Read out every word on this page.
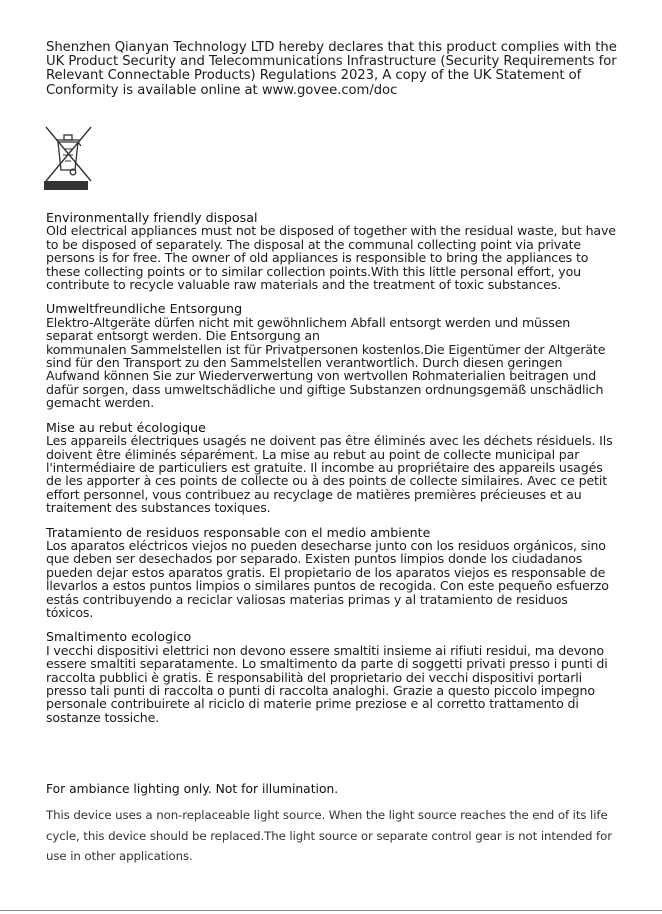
Shenzhen Qianyan Technology LTD hereby declares that this product complies with the UK Product Security and Telecommunications Infrastructure (Security Requirements for Relevant Connectable Products) Regulations 2023, A copy of the UK Statement of Conformity is available online at www.govee.com/doc

Environmentally friendly disposal

Old electrical appliances must not be disposed of together with the residual waste, but have to be disposed of separately. The disposal at the communal collecting point via private persons is for free. The owner of old appliances is responsible to bring the appliances to these collecting points or to similar collection points.With this little personal effort, you contribute to recycle valuable raw materials and the treatment of toxic substances.

Umweltfreundliche Entsorgung

Elektro-Altgeräte dürfen nicht mit gewöhnlichem Abfall entsorgt werden und müssen separat entsorgt werden. Die Entsorgung an
kommunalen Sammelstellen ist für Privatpersonen kostenlos.Die Eigentümer der Altgeräte sind für den Transport zu den Sammelstellen verantwortlich. Durch diesen geringen Aufwand können Sie zur Wiederverwertung von wertvollen Rohmaterialien beitragen und dafür sorgen, dass umweltschädliche und giftige Substanzen ordnungsgemäß unschädlich gemacht werden.

Mise au rebut écologique

Les appareils électriques usagés ne doivent pas être éliminés avec les déchets résiduels. Ils doivent être éliminés séparément. La mise au rebut au point de collecte municipal par l'intermédiaire de particuliers est gratuite. Il incombe au propriétaire des appareils usagés de les apporter à ces points de collecte ou à des points de collecte similaires. Avec ce petit effort personnel, vous contribuez au recyclage de matières premières précieuses et au traitement des substances toxiques.

Tratamiento de residuos responsable con el medio ambiente

Los aparatos eléctricos viejos no pueden desecharse junto con los residuos orgánicos, sino que deben ser desechados por separado. Existen puntos limpios donde los ciudadanos pueden dejar estos aparatos gratis. El propietario de los aparatos viejos es responsable de llevarlos a estos puntos limpios o similares puntos de recogida. Con este pequeño esfuerzo estás contribuyendo a reciclar valiosas materias primas y al tratamiento de residuos tóxicos.

Smaltimento ecologico

I vecchi dispositivi elettrici non devono essere smaltiti insieme ai rifiuti residui, ma devono essere smaltiti separatamente. Lo smaltimento da parte di soggetti privati presso i punti di raccolta pubblici è gratis. È responsabilità del proprietario dei vecchi dispositivi portarli presso tali punti di raccolta o punti di raccolta analoghi. Grazie a questo piccolo impegno personale contribuirete al riciclo di materie prime preziose e al corretto trattamento di sostanze tossiche.

For ambiance lighting only. Not for illumination.

This device uses a non-replaceable light source. When the light source reaches the end of its life cycle, this device should be replaced.The light source or separate control gear is not intended for use in other applications.
